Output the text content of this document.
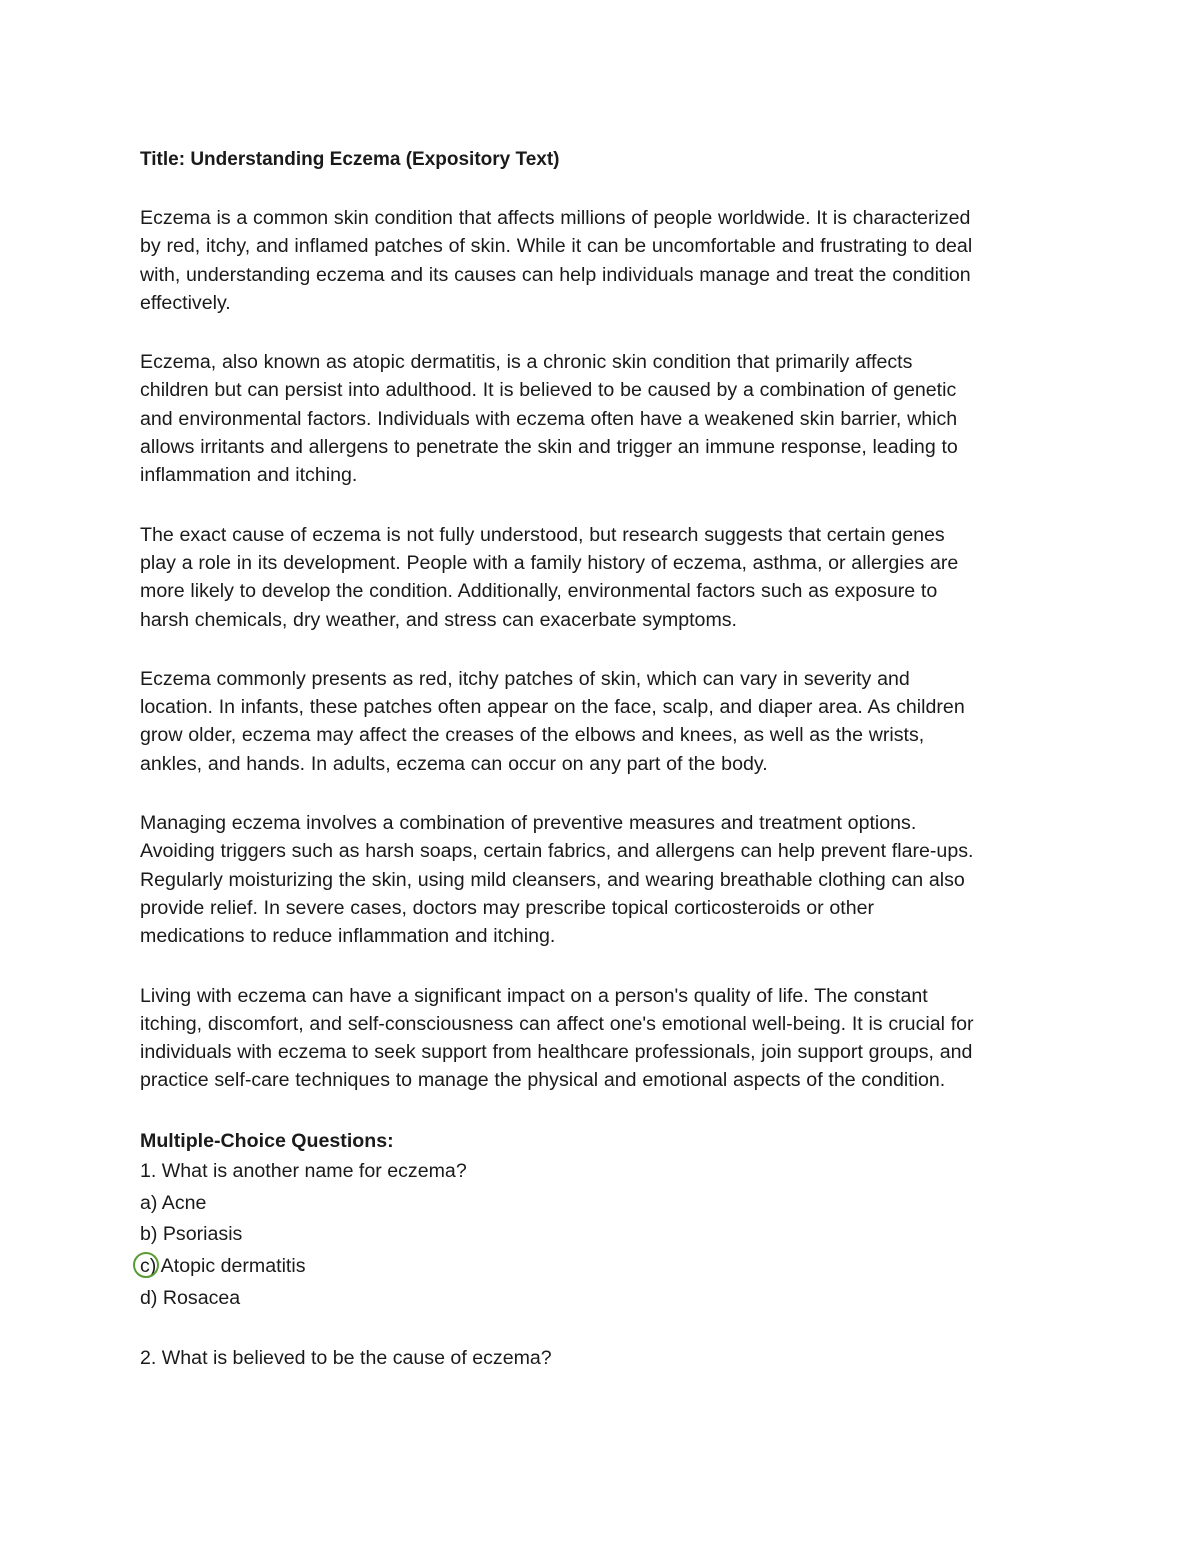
Title: Understanding Eczema (Expository Text)
Eczema is a common skin condition that affects millions of people worldwide. It is characterized
by red, itchy, and inflamed patches of skin. While it can be uncomfortable and frustrating to deal
with, understanding eczema and its causes can help individuals manage and treat the condition
effectively.
Eczema, also known as atopic dermatitis, is a chronic skin condition that primarily affects
children but can persist into adulthood. It is believed to be caused by a combination of genetic
and environmental factors. Individuals with eczema often have a weakened skin barrier, which
allows irritants and allergens to penetrate the skin and trigger an immune response, leading to
inflammation and itching.
The exact cause of eczema is not fully understood, but research suggests that certain genes
play a role in its development. People with a family history of eczema, asthma, or allergies are
more likely to develop the condition. Additionally, environmental factors such as exposure to
harsh chemicals, dry weather, and stress can exacerbate symptoms.
Eczema commonly presents as red, itchy patches of skin, which can vary in severity and
location. In infants, these patches often appear on the face, scalp, and diaper area. As children
grow older, eczema may affect the creases of the elbows and knees, as well as the wrists,
ankles, and hands. In adults, eczema can occur on any part of the body.
Managing eczema involves a combination of preventive measures and treatment options.
Avoiding triggers such as harsh soaps, certain fabrics, and allergens can help prevent flare-ups.
Regularly moisturizing the skin, using mild cleansers, and wearing breathable clothing can also
provide relief. In severe cases, doctors may prescribe topical corticosteroids or other
medications to reduce inflammation and itching.
Living with eczema can have a significant impact on a person's quality of life. The constant
itching, discomfort, and self-consciousness can affect one's emotional well-being. It is crucial for
individuals with eczema to seek support from healthcare professionals, join support groups, and
practice self-care techniques to manage the physical and emotional aspects of the condition.
Multiple-Choice Questions:
1. What is another name for eczema?
a) Acne
b) Psoriasis
c) Atopic dermatitis
d) Rosacea
2. What is believed to be the cause of eczema?
